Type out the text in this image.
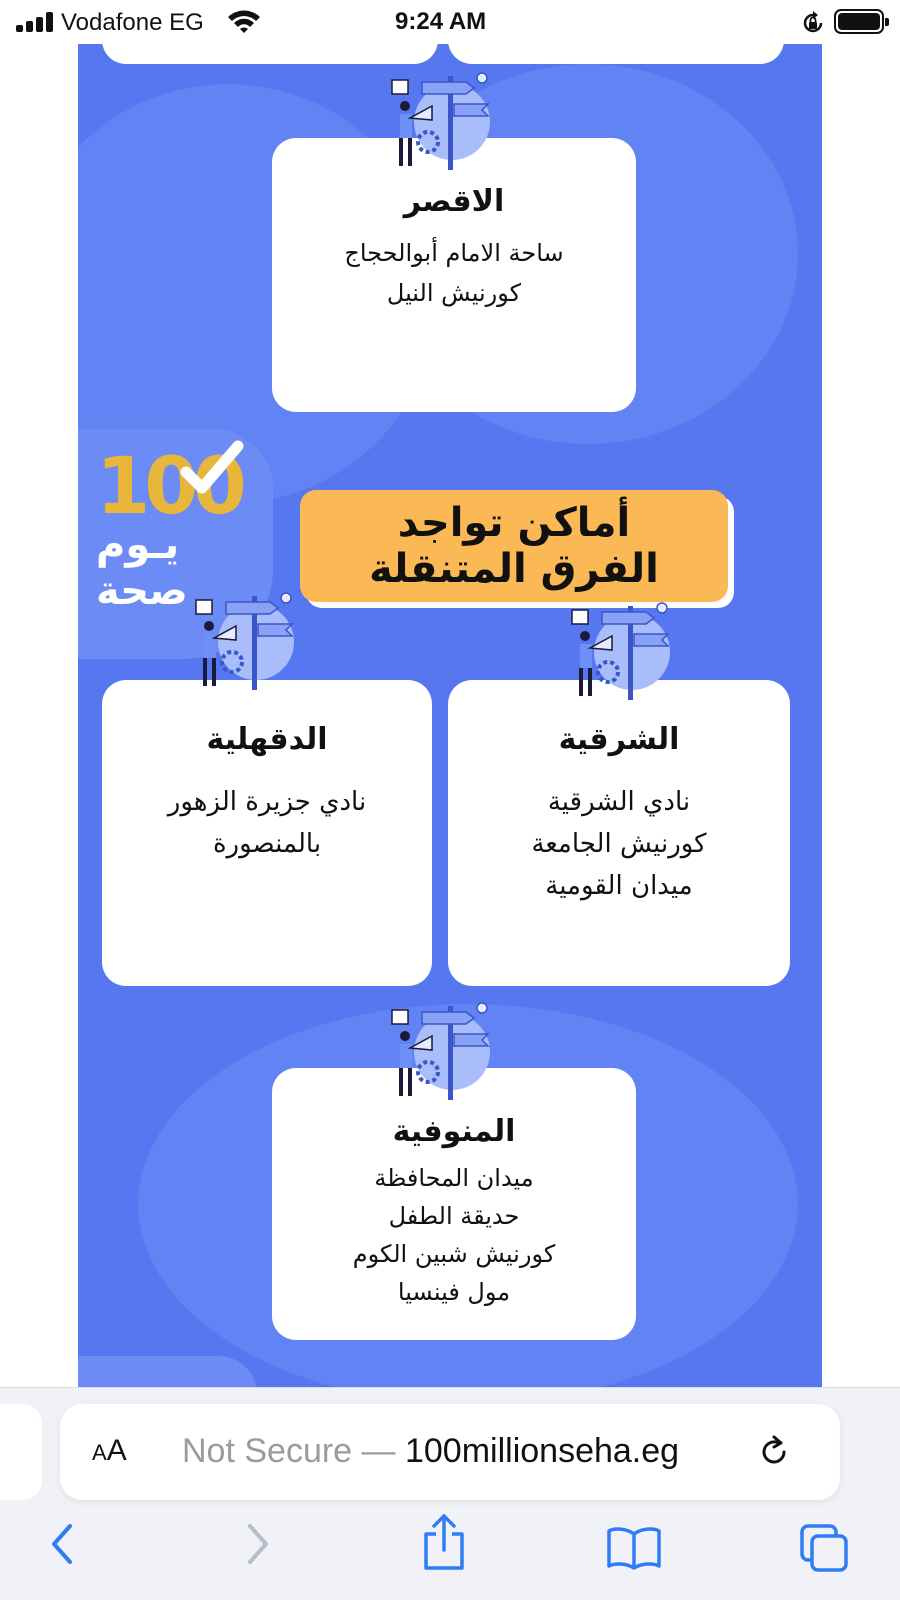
Vodafone EG	9:24 AM
الاقصر
ساحة الامام أبوالحجاج
كورنيش النيل
100
يـوم
صحة
أماكن تواجد
الفرق المتنقلة
الدقهلية
نادي جزيرة الزهور
بالمنصورة
الشرقية
نادي الشرقية
كورنيش الجامعة
ميدان القومية
المنوفية
ميدان المحافظة
حديقة الطفل
كورنيش شبين الكوم
مول فينسيا
AA Not Secure — 100millionseha.eg
